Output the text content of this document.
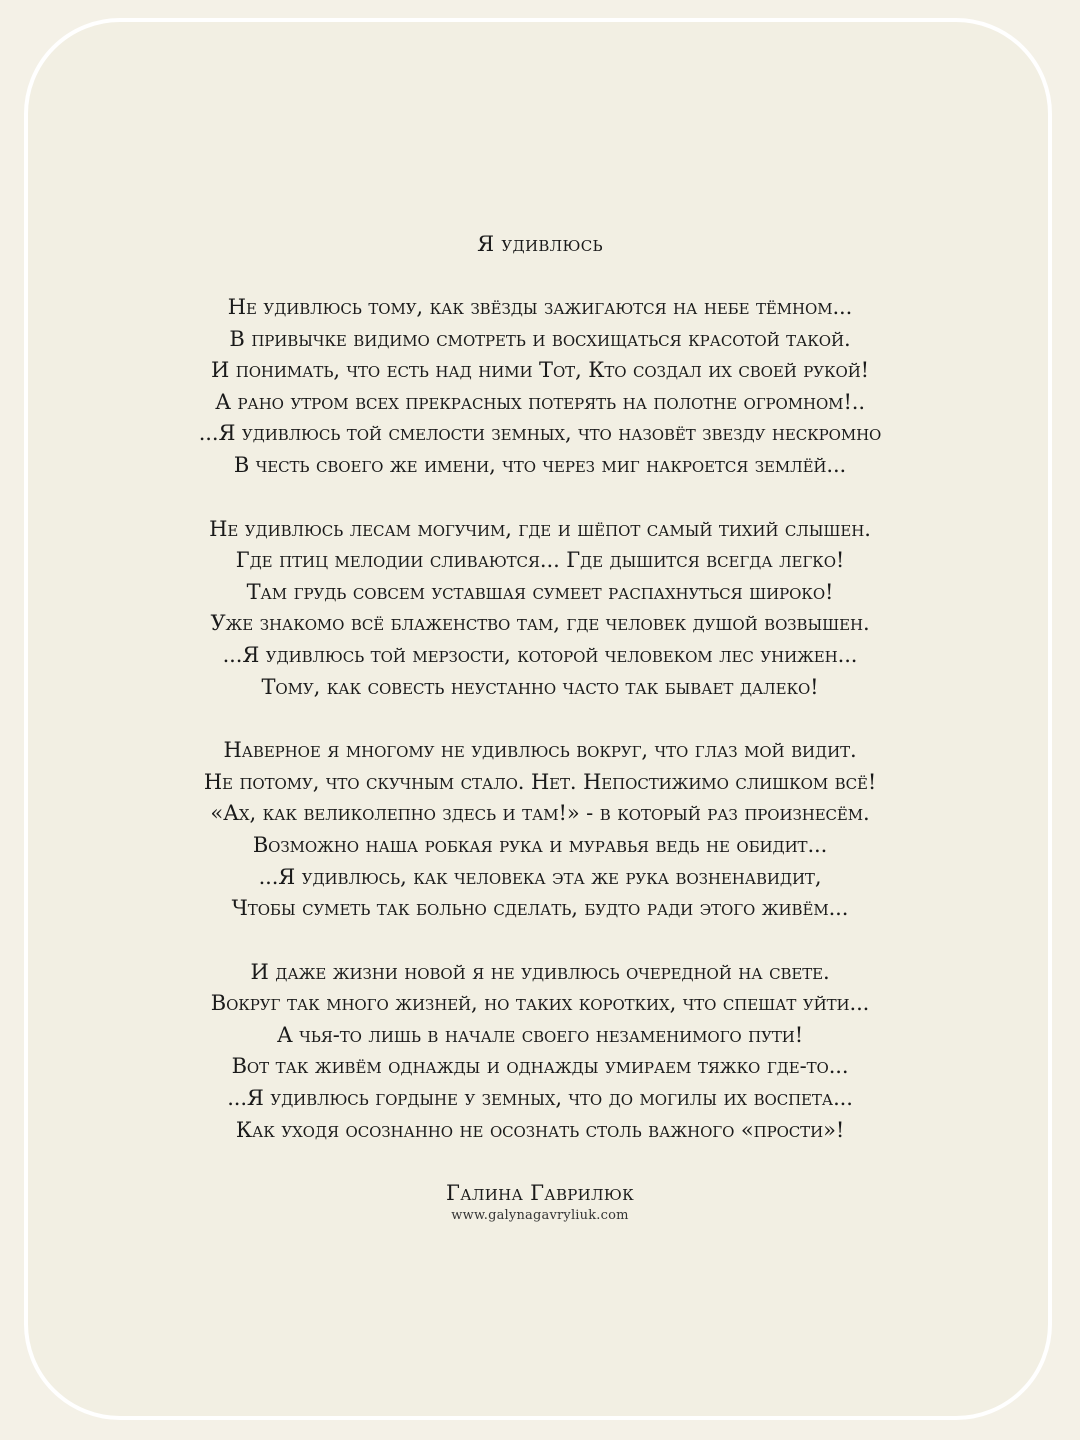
Я удивлюсь
Не удивлюсь тому, как звёзды зажигаются на небе тёмном...
В привычке видимо смотреть и восхищаться красотой такой.
И понимать, что есть над ними Тот, Кто создал их своей рукой!
А рано утром всех прекрасных потерять на полотне огромном!..
...Я удивлюсь той смелости земных, что назовёт звезду нескромно
В честь своего же имени, что через миг накроется землёй...
Не удивлюсь лесам могучим, где и шёпот самый тихий слышен.
Где птиц мелодии сливаются... Где дышится всегда легко!
Там грудь совсем уставшая сумеет распахнуться широко!
Уже знакомо всё блаженство там, где человек душой возвышен.
...Я удивлюсь той мерзости, которой человеком лес унижен...
Тому, как совесть неустанно часто так бывает далеко!
Наверное я многому не удивлюсь вокруг, что глаз мой видит.
Не потому, что скучным стало. Нет. Непостижимо слишком всё!
«Ах, как великолепно здесь и там!» - в который раз произнесём.
Возможно наша робкая рука и муравья ведь не обидит...
...Я удивлюсь, как человека эта же рука возненавидит,
Чтобы суметь так больно сделать, будто ради этого живём...
И даже жизни новой я не удивлюсь очередной на свете.
Вокруг так много жизней, но таких коротких, что спешат уйти...
А чья-то лишь в начале своего незаменимого пути!
Вот так живём однажды и однажды умираем тяжко где-то...
...Я удивлюсь гордыне у земных, что до могилы их воспета...
Как уходя осознанно не осознать столь важного «прости»!
Галина Гаврилюк
www.galynagavryliuk.com
